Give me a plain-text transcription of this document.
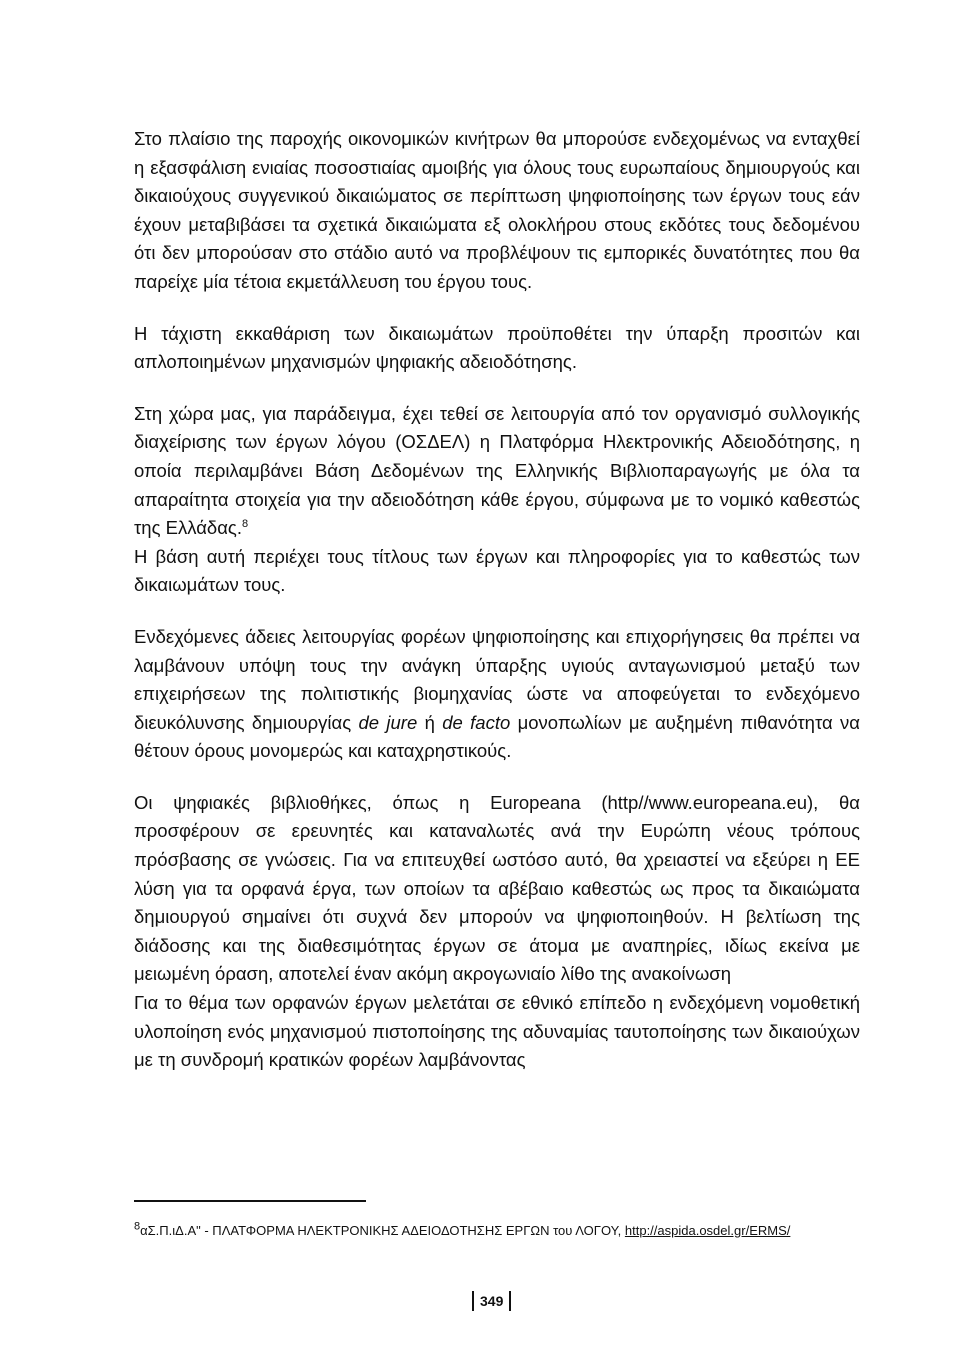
Στο πλαίσιο της παροχής οικονομικών κινήτρων θα μπορούσε ενδεχομένως να ενταχθεί η εξασφάλιση ενιαίας ποσοστιαίας αμοιβής για όλους τους ευρωπαίους δημιουργούς και δικαιούχους συγγενικού δικαιώματος σε περίπτωση ψηφιοποίησης των έργων τους εάν έχουν μεταβιβάσει τα σχετικά δικαιώματα εξ ολοκλήρου στους εκδότες τους δεδομένου ότι δεν μπορούσαν στο στάδιο αυτό να προβλέψουν τις εμπορικές δυνατότητες που θα παρείχε μία τέτοια εκμετάλλευση του έργου τους.

Η τάχιστη εκκαθάριση των δικαιωμάτων προϋποθέτει την ύπαρξη προσιτών και απλοποιημένων μηχανισμών ψηφιακής αδειοδότησης.

Στη χώρα μας, για παράδειγμα, έχει τεθεί σε λειτουργία από τον οργανισμό συλλογικής διαχείρισης των έργων λόγου (ΟΣΔΕΛ) η Πλατφόρμα Ηλεκτρονικής Αδειοδότησης, η οποία περιλαμβάνει Βάση Δεδομένων της Ελληνικής Βιβλιοπαραγωγής με όλα τα απαραίτητα στοιχεία για την αδειοδότηση κάθε έργου, σύμφωνα με το νομικό καθεστώς της Ελλάδας.$^8$

Η βάση αυτή περιέχει τους τίτλους των έργων και πληροφορίες για το καθεστώς των δικαιωμάτων τους.

Ενδεχόμενες άδειες λειτουργίας φορέων ψηφιοποίησης και επιχορήγησεις θα πρέπει να λαμβάνουν υπόψη τους την ανάγκη ύπαρξης υγιούς ανταγωνισμού μεταξύ των επιχειρήσεων της πολιτιστικής βιομηχανίας ώστε να αποφεύγεται το ενδεχόμενο διευκόλυνσης δημιουργίας de jure ή de facto μονοπωλίων με αυξημένη πιθανότητα να θέτουν όρους μονομερώς και καταχρηστικούς.

Οι ψηφιακές βιβλιοθήκες, όπως η Europeana (http//www.europeana.eu), θα προσφέρουν σε ερευνητές και καταναλωτές ανά την Ευρώπη νέους τρόπους πρόσβασης σε γνώσεις. Για να επιτευχθεί ωστόσο αυτό, θα χρειαστεί να εξεύρει η ΕΕ λύση για τα ορφανά έργα, των οποίων τα αβέβαιο καθεστώς ως προς τα δικαιώματα δημιουργού σημαίνει ότι συχνά δεν μπορούν να ψηφιοποιηθούν. Η βελτίωση της διάδοσης και της διαθεσιμότητας έργων σε άτομα με αναπηρίες, ιδίως εκείνα με μειωμένη όραση, αποτελεί έναν ακόμη ακρογωνιαίο λίθο της ανακοίνωση

Για το θέμα των ορφανών έργων μελετάται σε εθνικό επίπεδο η ενδεχόμενη νομοθετική υλοποίηση ενός μηχανισμού πιστοποίησης της αδυναμίας ταυτοποίησης των δικαιούχων με τη συνδρομή κρατικών φορέων λαμβάνοντας

$^8$αΣ.Π.ιΔ.Α" - ΠΛΑΤΦΟΡΜΑ ΗΛΕΚΤΡΟΝΙΚΗΣ ΑΔΕΙΟΔΟΤΗΣΗΣ ΕΡΓΩΝ του ΛΟΓΟΥ, http://aspida.osdel.gr/ERMS/
349
